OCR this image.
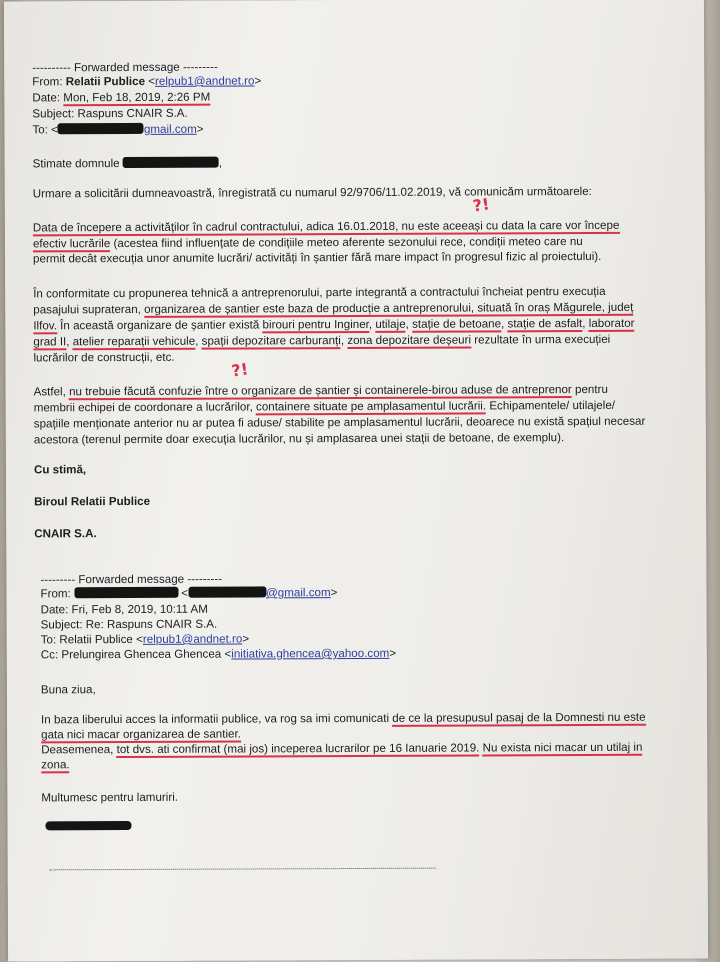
---------- Forwarded message ---------

From: Relatii Publice <relpub1@andnet.ro>

Date: Mon, Feb 18, 2019, 2:26 PM

Subject: Raspuns CNAIR S.A.

To: <	gmail.com>

Stimate domnule	,

Urmare a solicitării dumneavoastră, înregistrată cu numarul 92/9706/11.02.2019, vă comunicăm următoarele:

Data de începere a activităților în cadrul contractului, adica 16.01.2018, nu este aceeași cu data la care vor începe

efectiv lucrările (acestea fiind influențate de condițiile meteo aferente sezonului rece, condiții meteo care nu

permit decât execuția unor anumite lucrări/ activități în șantier fără mare impact în progresul fizic al proiectului).

În conformitate cu propunerea tehnică a antreprenorului, parte integrantă a contractului încheiat pentru execuția

pasajului suprateran, organizarea de șantier este baza de producție a antreprenorului, situată în oraș Măgurele, județ

Ilfov. În această organizare de șantier există birouri pentru Inginer, utilaje, stație de betoane, stație de asfalt, laborator

grad II, atelier reparații vehicule, spații depozitare carburanți, zona depozitare deșeuri rezultate în urma execuției

lucrărilor de construcții, etc.

Astfel, nu trebuie făcută confuzie între o organizare de șantier și containerele-birou aduse de antreprenor pentru

membrii echipei de coordonare a lucrărilor, containere situate pe amplasamentul lucrării. Echipamentele/ utilajele/

spațiile menționate anterior nu ar putea fi aduse/ stabilite pe amplasamentul lucrării, deoarece nu există spațiul necesar

acestora (terenul permite doar execuția lucrărilor, nu și amplasarea unei stații de betoane, de exemplu).

Cu stimă,

Biroul Relatii Publice

CNAIR S.A.

--------- Forwarded message ---------

From:	<	@gmail.com>

Date: Fri, Feb 8, 2019, 10:11 AM

Subject: Re: Raspuns CNAIR S.A.

To: Relatii Publice <relpub1@andnet.ro>

Cc: Prelungirea Ghencea Ghencea <initiativa.ghencea@yahoo.com>

Buna ziua,

In baza liberului acces la informatii publice, va rog sa imi comunicati de ce la presupusul pasaj de la Domnesti nu este

gata nici macar organizarea de santier.

Deasemenea, tot dvs. ati confirmat (mai jos) inceperea lucrarilor pe 16 Ianuarie 2019. Nu exista nici macar un utilaj in

zona.

Multumesc pentru lamuriri.

?!
?!
